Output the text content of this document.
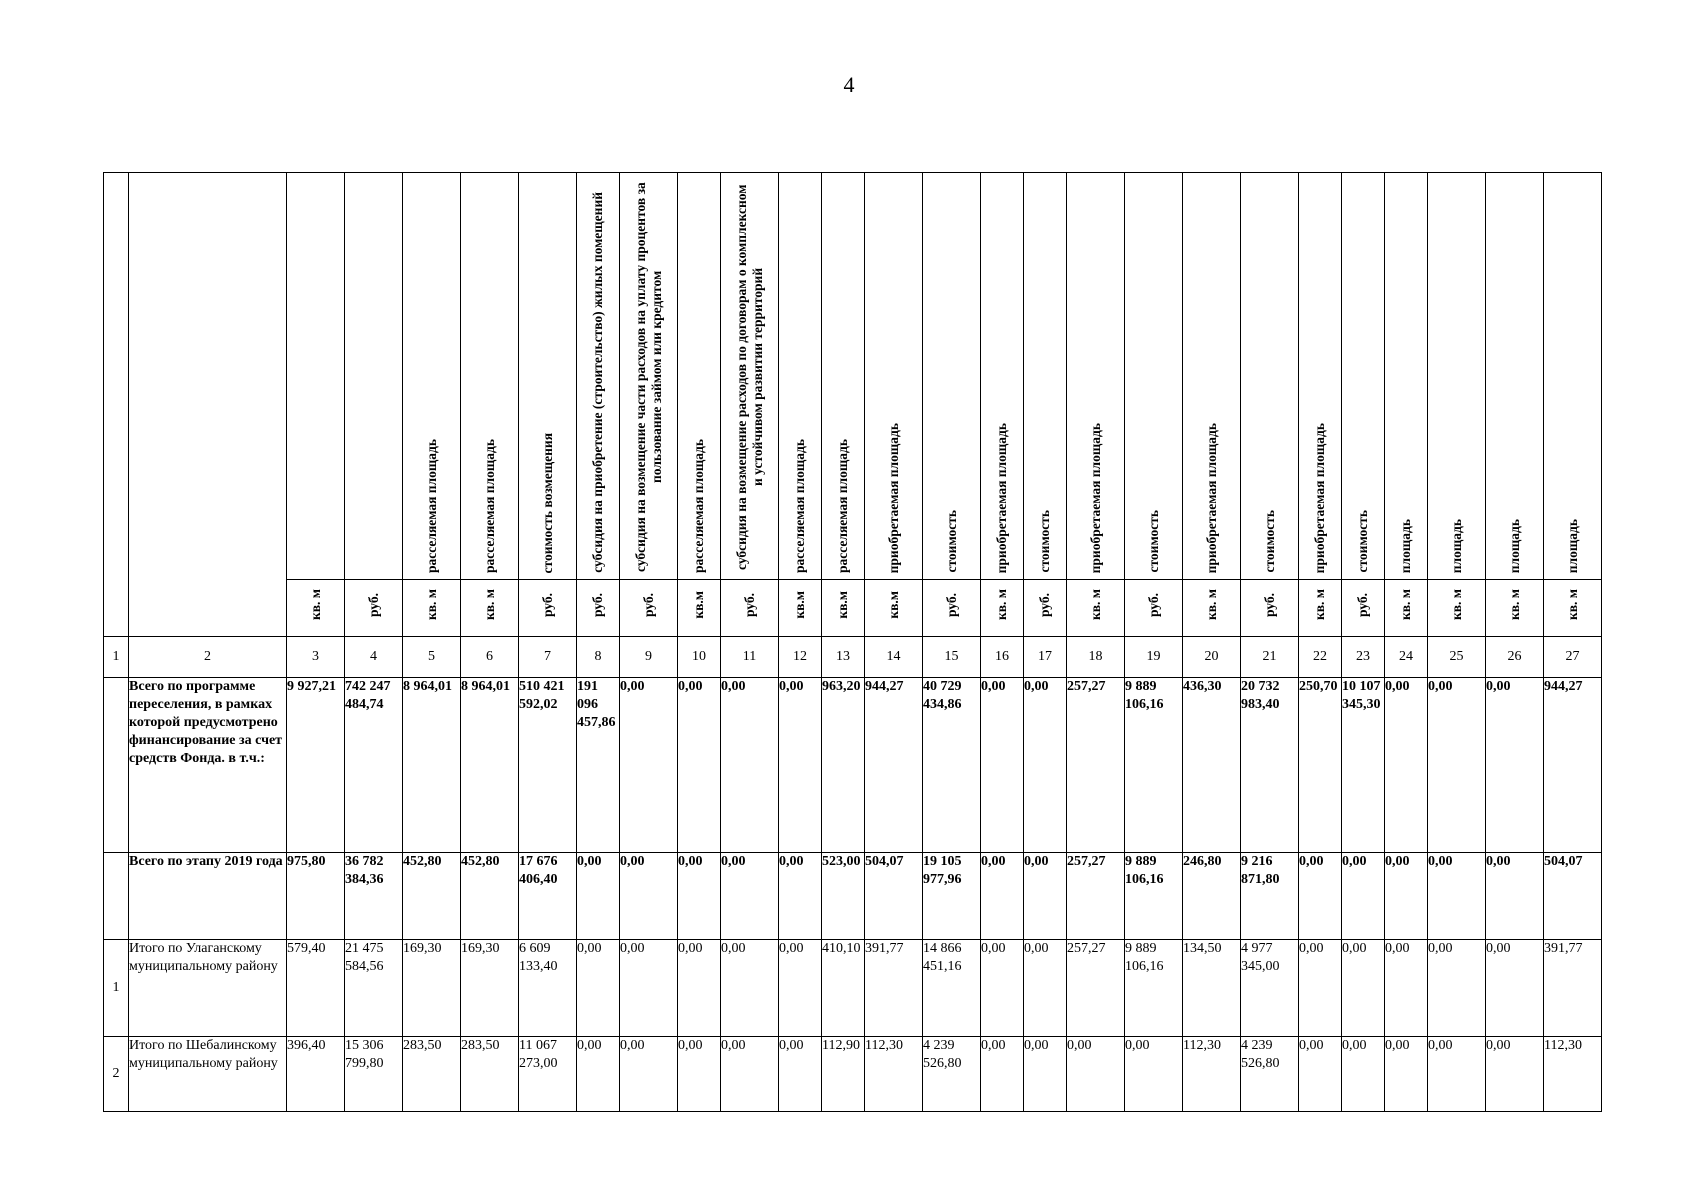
4

				расселяемая площадь	расселяемая площадь	стоимость возмещения	субсидия на приобретение (строительство) жилых помещений	субсидия на возмещение части расходов на уплату процентов за пользование займом или кредитом	расселяемая площадь	субсидия на возмещение расходов по договорам о комплексном и устойчивом развитии территорий	расселяемая площадь	расселяемая площадь	приобретаемая площадь	стоимость	приобретаемая площадь	стоимость	приобретаемая площадь	стоимость	приобретаемая площадь	стоимость	приобретаемая площадь	стоимость	площадь	площадь	площадь	площадь

		кв. м	руб.	кв. м	кв. м	руб.	руб.	руб.	кв.м	руб.	кв.м	кв.м	кв.м	руб.	кв. м	руб.	кв. м	руб.	кв. м	руб.	кв. м	руб.	кв. м	кв. м	кв. м	кв. м
1	2	3	4	5	6	7	8	9	10	11	12	13	14	15	16	17	18	19	20	21	22	23	24	25	26	27
	Всего по программе переселения, в рамках которой предусмотрено финансирование за счет средств Фонда. в т.ч.:	9 927,21	742 247 484,74	8 964,01	8 964,01	510 421 592,02	191 096 457,86	0,00	0,00	0,00	0,00	963,20	944,27	40 729 434,86	0,00	0,00	257,27	9 889 106,16	436,30	20 732 983,40	250,70	10 107 345,30	0,00	0,00	0,00	944,27
	Всего по этапу 2019 года	975,80	36 782 384,36	452,80	452,80	17 676 406,40	0,00	0,00	0,00	0,00	0,00	523,00	504,07	19 105 977,96	0,00	0,00	257,27	9 889 106,16	246,80	9 216 871,80	0,00	0,00	0,00	0,00	0,00	504,07
1	Итого по Улаганскому муниципальному району	579,40	21 475 584,56	169,30	169,30	6 609 133,40	0,00	0,00	0,00	0,00	0,00	410,10	391,77	14 866 451,16	0,00	0,00	257,27	9 889 106,16	134,50	4 977 345,00	0,00	0,00	0,00	0,00	0,00	391,77
2	Итого по Шебалинскому муниципальному району	396,40	15 306 799,80	283,50	283,50	11 067 273,00	0,00	0,00	0,00	0,00	0,00	112,90	112,30	4 239 526,80	0,00	0,00	0,00	0,00	112,30	4 239 526,80	0,00	0,00	0,00	0,00	0,00	112,30
